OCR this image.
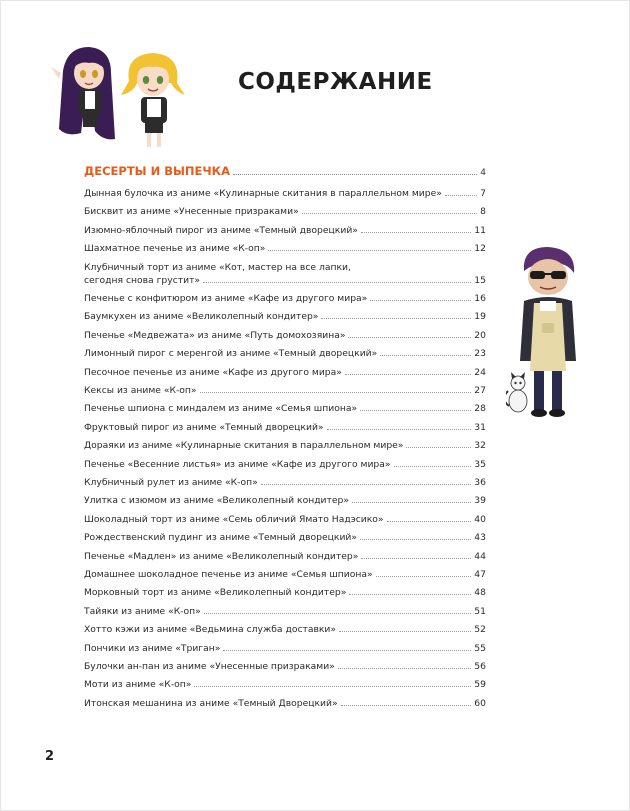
СОДЕРЖАНИЕ
ДЕСЕРТЫ И ВЫПЕЧКА	4
Дынная булочка из аниме «Кулинарные скитания в параллельном мире»	7
Бисквит из аниме «Унесенные призраками»	8
Изюмно-яблочный пирог из аниме «Темный дворецкий»	11
Шахматное печенье из аниме «К-оп»	12
Клубничный торт из аниме «Кот, мастер на все лапки,
сегодня снова грустит»	15
Печенье с конфитюром из аниме «Кафе из другого мира»	16
Баумкухен из аниме «Великолепный кондитер»	19
Печенье «Медвежата» из аниме «Путь домохозяина»	20
Лимонный пирог с меренгой из аниме «Темный дворецкий»	23
Песочное печенье из аниме «Кафе из другого мира»	24
Кексы из аниме «К-оп»	27
Печенье шпиона с миндалем из аниме «Семья шпиона»	28
Фруктовый пирог из аниме «Темный дворецкий»	31
Дораяки из аниме «Кулинарные скитания в параллельном мире»	32
Печенье «Весенние листья» из аниме «Кафе из другого мира»	35
Клубничный рулет из аниме «К-оп»	36
Улитка с изюмом из аниме «Великолепный кондитер»	39
Шоколадный торт из аниме «Семь обличий Ямато Надэсико»	40
Рождественский пудинг из аниме «Темный дворецкий»	43
Печенье «Мадлен» из аниме «Великолепный кондитер»	44
Домашнее шоколадное печенье из аниме «Семья шпиона»	47
Морковный торт из аниме «Великолепный кондитер»	48
Тайяки из аниме «К-оп»	51
Хотто кэжи из аниме «Ведьмина служба доставки»	52
Пончики из аниме «Триган»	55
Булочки ан-пан из аниме «Унесенные призраками»	56
Моти из аниме «К-оп»	59
Итонская мешанина из аниме «Темный Дворецкий»	60
2
